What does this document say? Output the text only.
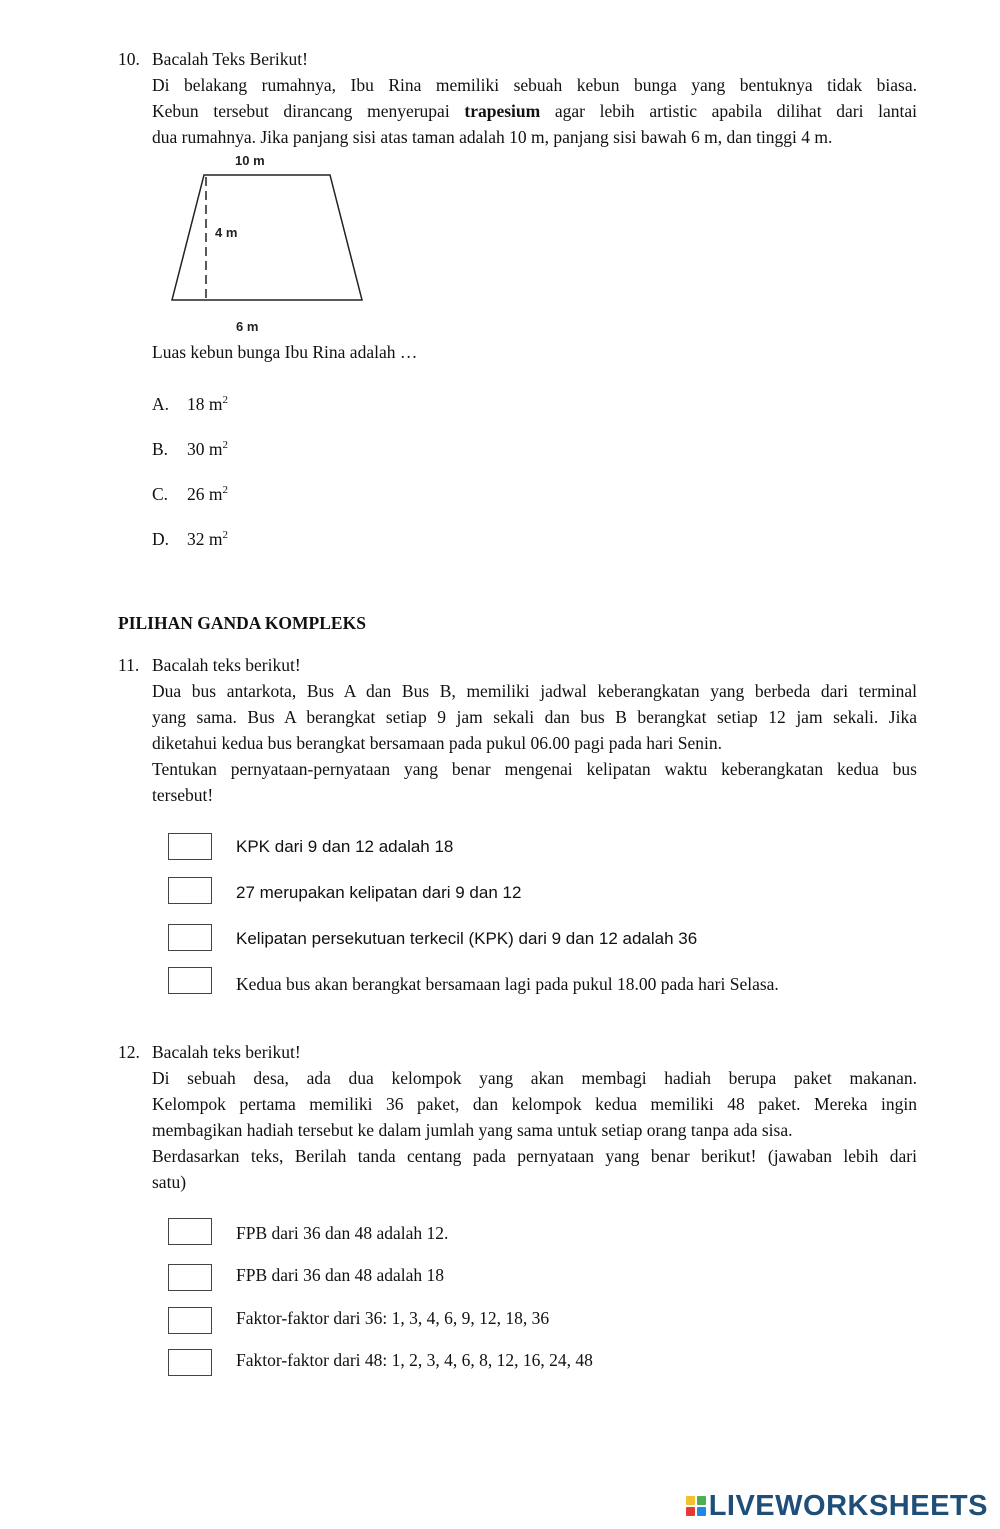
10. Bacalah Teks Berikut!
Di belakang rumahnya, Ibu Rina memiliki sebuah kebun bunga yang bentuknya tidak biasa.
Kebun tersebut dirancang menyerupai trapesium agar lebih artistic apabila dilihat dari lantai
dua rumahnya. Jika panjang sisi atas taman adalah 10 m, panjang sisi bawah 6 m, dan tinggi 4 m.
10 m
4 m
6 m
Luas kebun bunga Ibu Rina adalah …
A. 18 $m^2$
B. 30 $m^2$
C. 26 $m^2$
D. 32 $m^2$
PILIHAN GANDA KOMPLEKS
11. Bacalah teks berikut!
Dua bus antarkota, Bus A dan Bus B, memiliki jadwal keberangkatan yang berbeda dari terminal
yang sama. Bus A berangkat setiap 9 jam sekali dan bus B berangkat setiap 12 jam sekali. Jika
diketahui kedua bus berangkat bersamaan pada pukul 06.00 pagi pada hari Senin.
Tentukan pernyataan-pernyataan yang benar mengenai kelipatan waktu keberangkatan kedua bus
tersebut!
KPK dari 9 dan 12 adalah 18
27 merupakan kelipatan dari 9 dan 12
Kelipatan persekutuan terkecil (KPK) dari 9 dan 12 adalah 36
Kedua bus akan berangkat bersamaan lagi pada pukul 18.00 pada hari Selasa.
12. Bacalah teks berikut!
Di sebuah desa, ada dua kelompok yang akan membagi hadiah berupa paket makanan.
Kelompok pertama memiliki 36 paket, dan kelompok kedua memiliki 48 paket. Mereka ingin
membagikan hadiah tersebut ke dalam jumlah yang sama untuk setiap orang tanpa ada sisa.
Berdasarkan teks, Berilah tanda centang pada pernyataan yang benar berikut! (jawaban lebih dari
satu)
FPB dari 36 dan 48 adalah 12.
FPB dari 36 dan 48 adalah 18
Faktor-faktor dari 36: 1, 3, 4, 6, 9, 12, 18, 36
Faktor-faktor dari 48: 1, 2, 3, 4, 6, 8, 12, 16, 24, 48
LIVEWORKSHEETS
